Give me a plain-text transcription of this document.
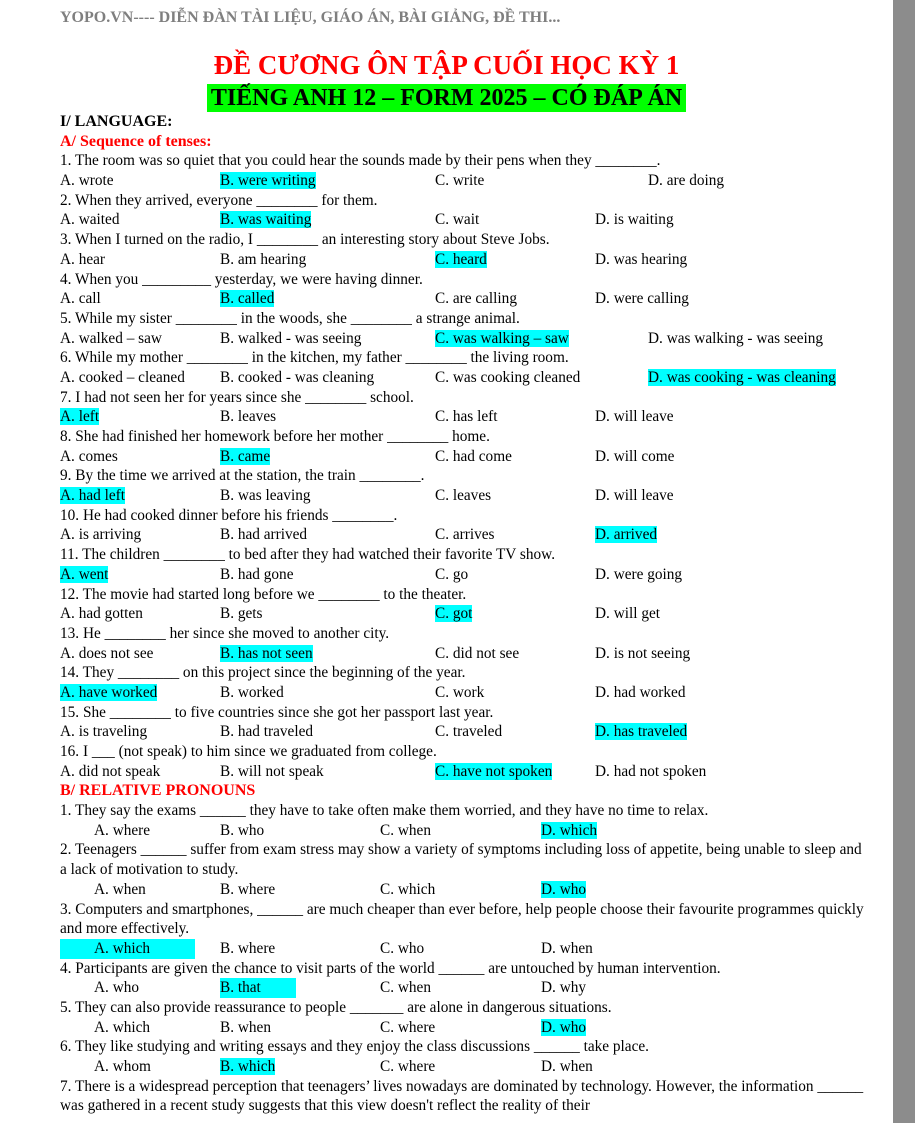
YOPO.VN---- DIỄN ĐÀN TÀI LIỆU, GIÁO ÁN, BÀI GIẢNG, ĐỀ THI...
ĐỀ CƯƠNG ÔN TẬP CUỐI HỌC KỲ 1
TIẾNG ANH 12 – FORM 2025 – CÓ ĐÁP ÁN
I/ LANGUAGE:
A/ Sequence of tenses:
1. The room was so quiet that you could hear the sounds made by their pens when they ________.
A. wrote	B. were writing	C. write	D. are doing
2. When they arrived, everyone ________ for them.
A. waited	B. was waiting	C. wait	D. is waiting
3. When I turned on the radio, I ________ an interesting story about Steve Jobs.
A. hear	B. am hearing	C. heard	D. was hearing
4. When you _________ yesterday, we were having dinner.
A. call	B. called	C. are calling	D. were calling
5. While my sister ________ in the woods, she ________ a strange animal.
A. walked – saw	B. walked - was seeing	C. was walking – saw	D. was walking - was seeing
6. While my mother ________ in the kitchen, my father ________ the living room.
A. cooked – cleaned B. cooked - was cleaning	C. was cooking cleaned	D. was cooking - was cleaning
7. I had not seen her for years since she ________ school.
A. left	B. leaves	C. has left	D. will leave
8. She had finished her homework before her mother ________ home.
A. comes	B. came	C. had come	D. will come
9. By the time we arrived at the station, the train ________.
A. had left	B. was leaving	C. leaves	D. will leave
10. He had cooked dinner before his friends ________.
A. is arriving	B. had arrived	C. arrives	D. arrived
11. The children ________ to bed after they had watched their favorite TV show.
A. went	B. had gone	C. go	D. were going
12. The movie had started long before we ________ to the theater.
A. had gotten	B. gets	C. got	D. will get
13. He ________ her since she moved to another city.
A. does not see	B. has not seen	C. did not see	D. is not seeing
14. They ________ on this project since the beginning of the year.
A. have worked	B. worked	C. work	D. had worked
15. She ________ to five countries since she got her passport last year.
A. is traveling	B. had traveled	C. traveled	D. has traveled
16. I ___ (not speak) to him since we graduated from college.
A. did not speak	B. will not speak	C. have not spoken	D. had not spoken
B/ RELATIVE PRONOUNS
1. They say the exams ______ they have to take often make them worried, and they have no time to relax.
A. where	B. who	C. when	D. which
2. Teenagers ______ suffer from exam stress may show a variety of symptoms including loss of appetite, being unable to sleep and a lack of motivation to study.
A. when	B. where	C. which	D. who
3. Computers and smartphones, ______ are much cheaper than ever before, help people choose their favourite programmes quickly and more effectively.
A. which	B. where	C. who	D. when
4. Participants are given the chance to visit parts of the world ______ are untouched by human intervention.
A. who	B. that	C. when	D. why
5. They can also provide reassurance to people _______ are alone in dangerous situations.
A. which	B. when	C. where	D. who
6. They like studying and writing essays and they enjoy the class discussions ______ take place.
A. whom	B. which	C. where	D. when
7. There is a widespread perception that teenagers’ lives nowadays are dominated by technology. However, the information ______ was gathered in a recent study suggests that this view doesn't reflect the reality of their
